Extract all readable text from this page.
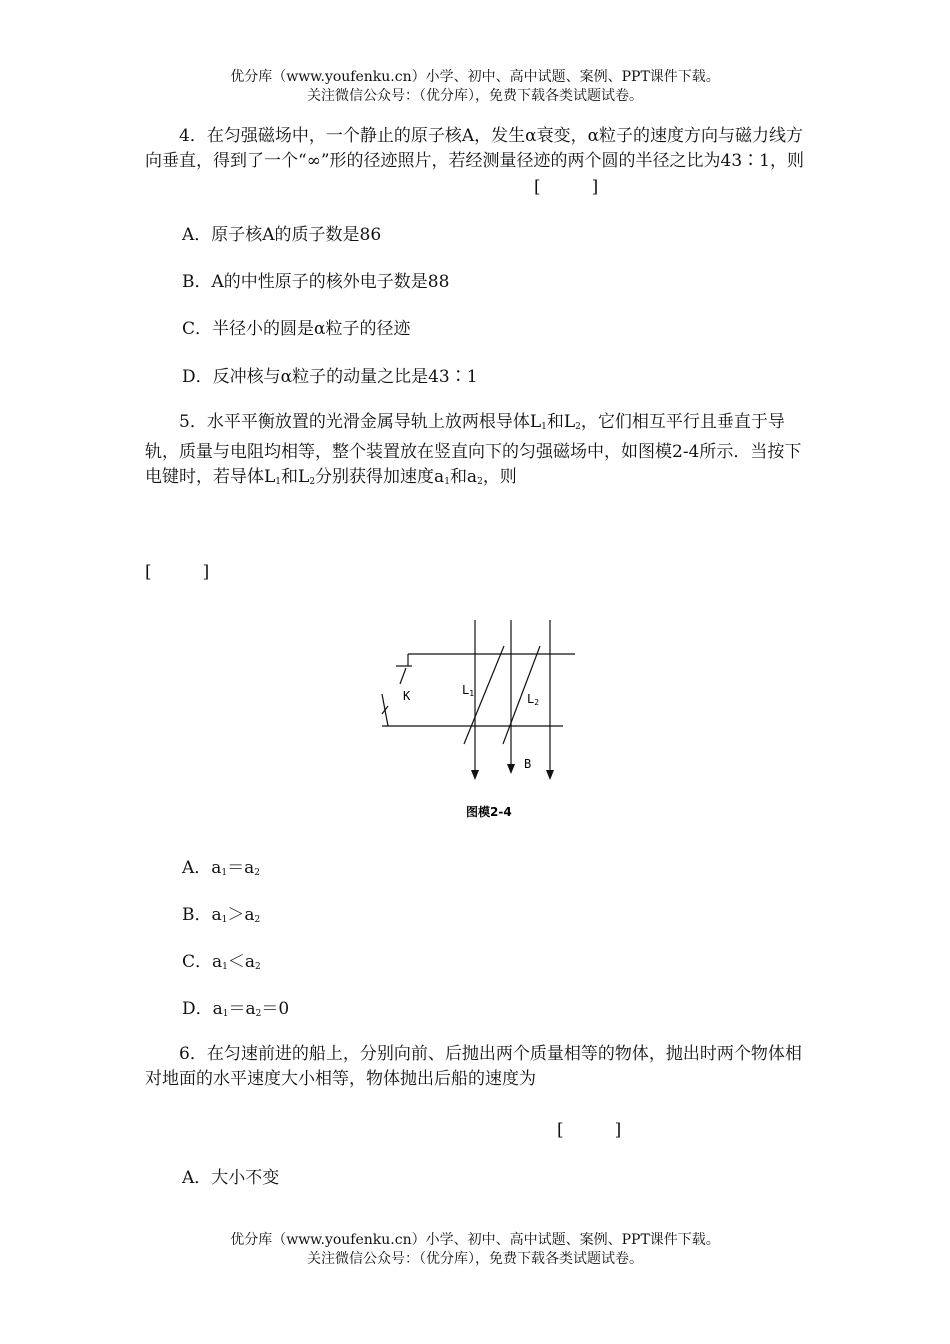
优分库（www.youfenku.cn）小学、初中、高中试题、案例、PPT课件下载。
关注微信公众号：（优分库），免费下载各类试题试卷。
4．在匀强磁场中，一个静止的原子核A，发生α衰变，α粒子的速度方向与磁力线方向垂直，得到了一个“∞”形的径迹照片，若经测量径迹的两个圆的半径之比为43∶1，则
[　　　]
A．原子核A的质子数是86
B．A的中性原子的核外电子数是88
C．半径小的圆是α粒子的径迹
D．反冲核与α粒子的动量之比是43∶1
5．水平平衡放置的光滑金属导轨上放两根导体$L_1$和$L_2$，它们相互平行且垂直于导轨，质量与电阻均相等，整个装置放在竖直向下的匀强磁场中，如图模2-4所示．当按下电键时，若导体$L_1$和$L_2$分别获得加速度$a_1$和$a_2$，则
[　　　]
K	L1	L2
B
图模2-4
A．$a_1=a_2$
B．$a_1>a_2$
C．$a_1<a_2$
D．$a_1=a_2=0$
6．在匀速前进的船上，分别向前、后抛出两个质量相等的物体，抛出时两个物体相对地面的水平速度大小相等，物体抛出后船的速度为
[　　　]
A．大小不变
优分库（www.youfenku.cn）小学、初中、高中试题、案例、PPT课件下载。
关注微信公众号：（优分库），免费下载各类试题试卷。
